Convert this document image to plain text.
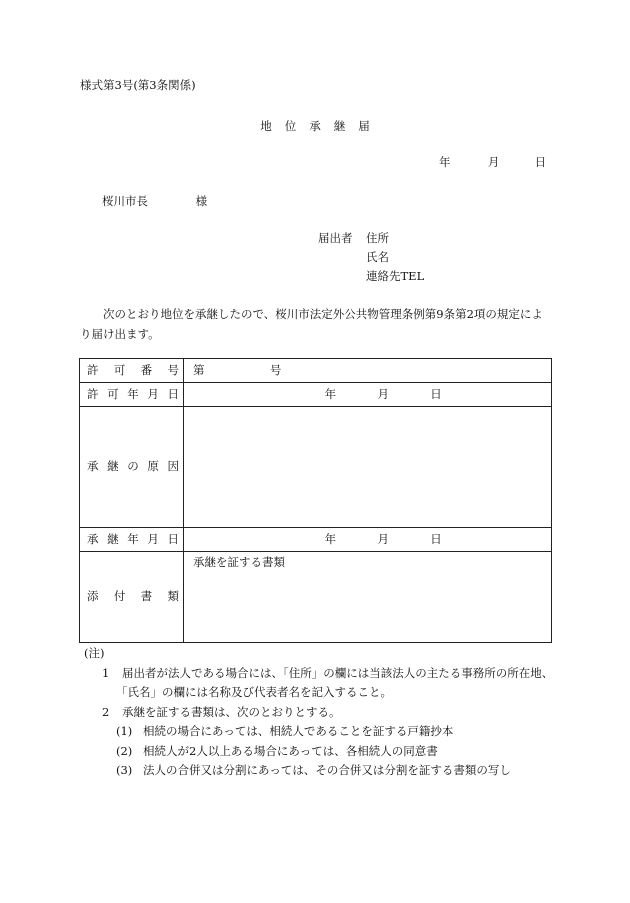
様式第3号(第3条関係)
地位承継届
年	月	日
桜川市長	様
届出者 住所
氏名
連絡先TEL
次のとおり地位を承継したので、桜川市法定外公共物管理条例第9条第2項の規定により届け出ます。
許可番号	第 号
許可年月日	年 月 日
承継の原因	
承継年月日	年 月 日
添付書類	承継を証する書類
(注)
1 届出者が法人である場合には、「住所」の欄には当該法人の主たる事務所の所在地、
「氏名」の欄には名称及び代表者名を記入すること。
2 承継を証する書類は、次のとおりとする。
(1) 相続の場合にあっては、相続人であることを証する戸籍抄本
(2) 相続人が2人以上ある場合にあっては、各相続人の同意書
(3) 法人の合併又は分割にあっては、その合併又は分割を証する書類の写し
